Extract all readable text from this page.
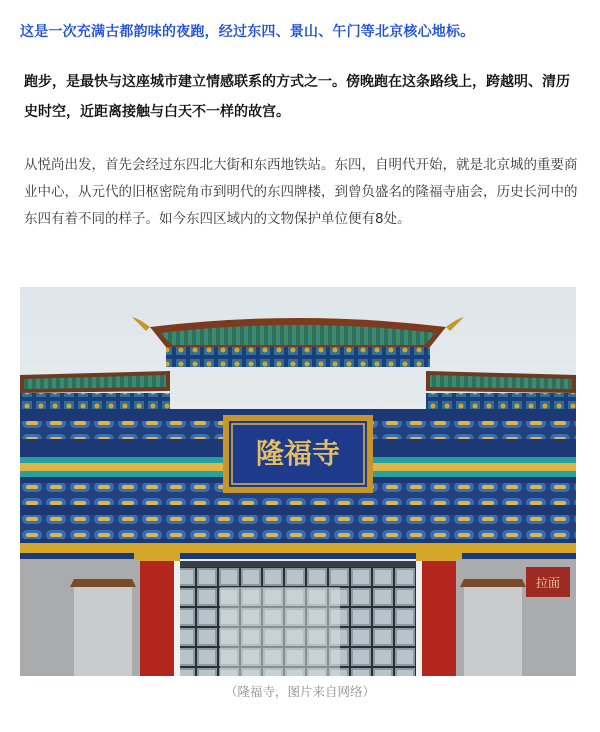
这是一次充满古都韵味的夜跑，经过东四、景山、午门等北京核心地标。
跑步，是最快与这座城市建立情感联系的方式之一。傍晚跑在这条路线上，跨越明、清历史时空，近距离接触与白天不一样的故宫。
从悦尚出发，首先会经过东四北大街和东西地铁站。东四，自明代开始，就是北京城的重要商业中心，从元代的旧枢密院角市到明代的东四牌楼，到曾负盛名的隆福寺庙会，历史长河中的东四有着不同的样子。如今东四区域内的文物保护单位便有8处。
隆福寺
拉面
（隆福寺，图片来自网络）
